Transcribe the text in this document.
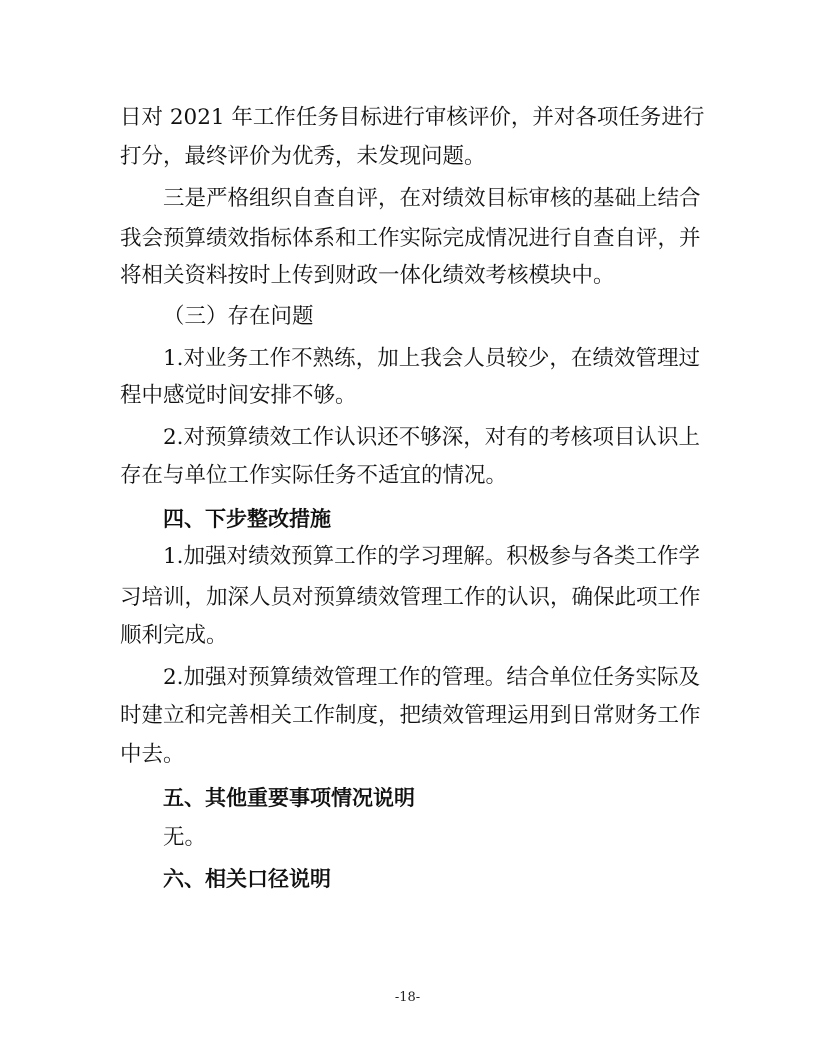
日对 2021 年工作任务目标进行审核评价，并对各项任务进行
打分，最终评价为优秀，未发现问题。
三是严格组织自查自评，在对绩效目标审核的基础上结合
我会预算绩效指标体系和工作实际完成情况进行自查自评，并
将相关资料按时上传到财政一体化绩效考核模块中。
（三）存在问题
1.对业务工作不熟练，加上我会人员较少，在绩效管理过
程中感觉时间安排不够。
2.对预算绩效工作认识还不够深，对有的考核项目认识上
存在与单位工作实际任务不适宜的情况。
四、下步整改措施
1.加强对绩效预算工作的学习理解。积极参与各类工作学
习培训，加深人员对预算绩效管理工作的认识，确保此项工作
顺利完成。
2.加强对预算绩效管理工作的管理。结合单位任务实际及
时建立和完善相关工作制度，把绩效管理运用到日常财务工作
中去。
五、其他重要事项情况说明
无。
六、相关口径说明
-18-
